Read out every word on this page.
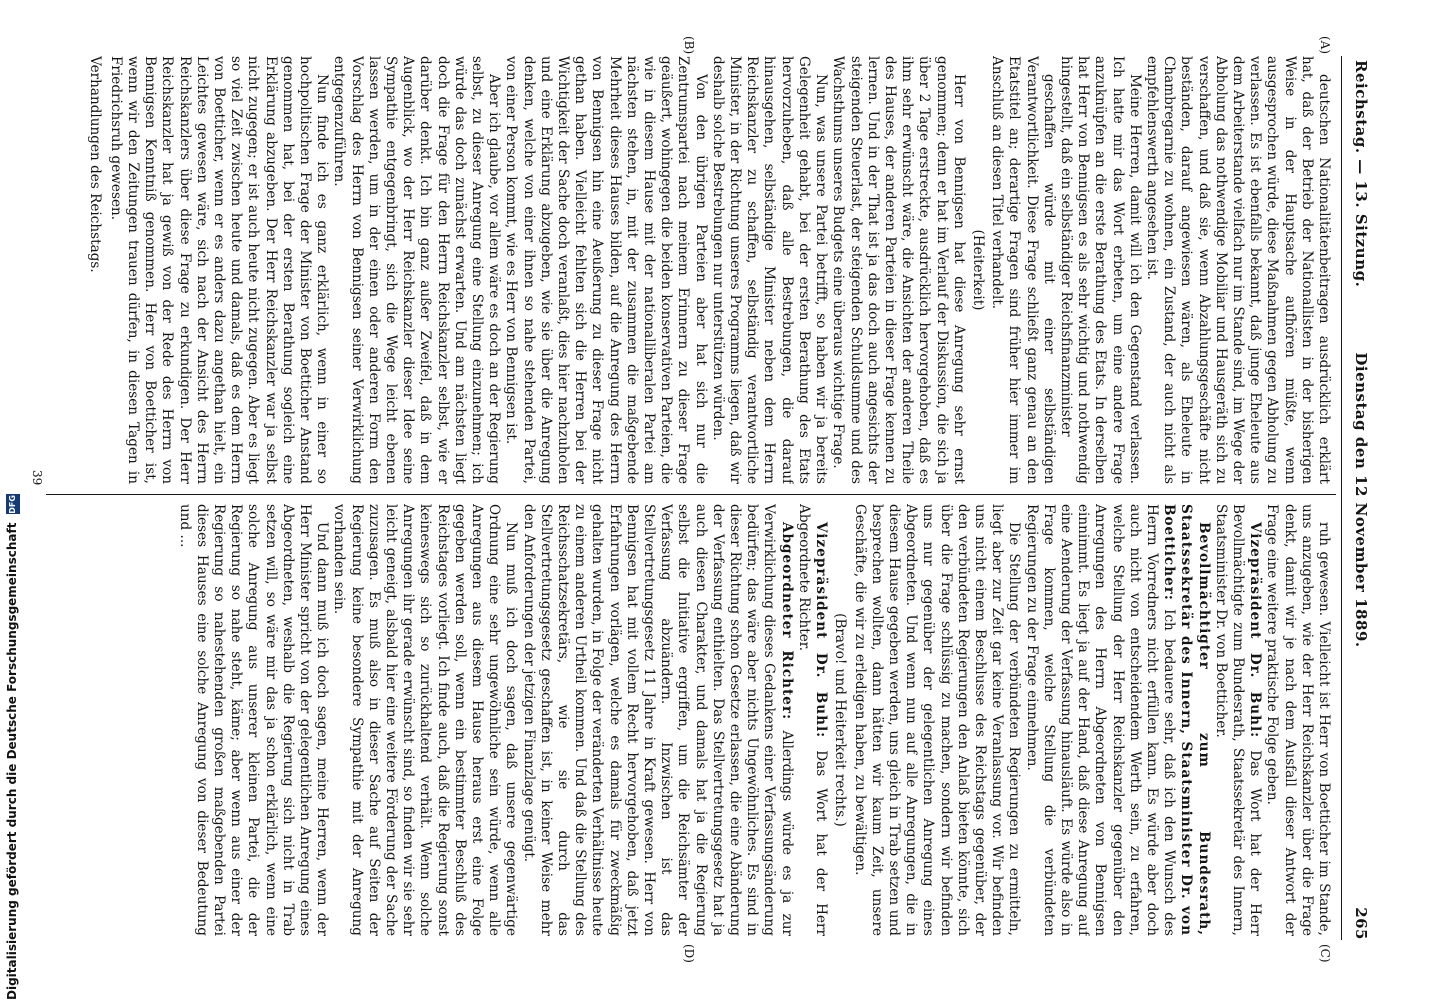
Reichstag. — 13. Sitzung.
Dienstag den 12 November 1889.
265
(A)
(B)
(C)
(D)

deutschen Nationalitätenbeitragen ausdrücklich erklärt hat, daß der Betrieb der Nationallisten in der bisherigen Weise in der Hauptsache aufhören müßte, wenn ausgesprochen würde, diese Maßnahmen gegen Abholung zu verlassen. Es ist ebenfalls bekannt, daß junge Eheleute aus dem Arbeiterstande vielfach nur im Stande sind, im Wege der Abholung das nothwendige Mobiliar und Hausgeräth sich zu verschaffen, und daß sie, wenn Abzahlungsgeschäfte nicht beständen, darauf angewiesen wären, als Eheleute in Chambregarnie zu wohnen, ein Zustand, der auch nicht als empfehlenswerth angesehen ist.

Meine Herren, damit will ich den Gegenstand verlassen. Ich hatte mir das Wort erbeten, um eine andere Frage anzuknüpfen an die erste Berathung des Etats. In derselben hat Herr von Bennigsen es als sehr wichtig und nothwendig hingestellt, daß ein selbständiger Reichsfinanzminister

geschaffen würde mit einer selbständigen Verantwortlichkeit. Diese Frage schließt ganz genau an den Etatstitel an; derartige Fragen sind früher hier immer im Anschluß an diesen Titel verhandelt.

(Heiterkeit)

Herr von Bennigsen hat diese Anregung sehr ernst genommen; denn er hat im Verlauf der Diskussion, die sich ja über 2 Tage erstreckte, ausdrücklich hervorgehoben, daß es ihm sehr erwünscht wäre, die Ansichten der anderen Theile des Hauses, der anderen Parteien in dieser Frage kennen zu lernen. Und in der That ist ja das doch auch angesichts der steigenden Steuerlast, der steigenden Schuldsumme und des Wachsthums unseres Budgets eine überaus wichtige Frage.

Nun, was unsere Partei betrifft, so haben wir ja bereits Gelegenheit gehabt, bei der ersten Berathung des Etats hervorzuheben, daß alle Bestrebungen, die darauf hinausgehen, selbständige Minister neben dem Herrn Reichskanzler zu schaffen, selbständig verantwortliche Minister, in der Richtung unseres Programms liegen, daß wir deshalb solche Bestrebungen nur unterstützen würden.

Von den übrigen Parteien aber hat sich nur die Zentrumspartei nach meinem Erinnern zu dieser Frage geäußert, wohingegen die beiden konservativen Parteien, die wie in diesem Hause mit der nationalliberalen Partei am nächsten stehen, in, mit der zusammen die maßgebende Mehrheit dieses Hauses bilden, auf die Anregung des Herrn von Bennigsen hin eine Aeußerung zu dieser Frage nicht gethan haben. Vielleicht fehlten sich die Herren bei der Wichtigkeit der Sache doch veranlaßt, dies hier nachzuholen und eine Erklärung abzugeben, wie sie über die Anregung denken, welche von einer ihnen so nahe stehenden Partei, von einer Person kommt, wie es Herr von Bennigsen ist.

Aber ich glaube, vor allem wäre es doch an der Regierung selbst, zu dieser Anregung eine Stellung einzunehmen; ich würde das doch zunächst erwarten. Und am nächsten liegt doch die Frage für den Herrn Reichskanzler selbst, wie er darüber denkt. Ich bin ganz außer Zweifel, daß in dem Augenblick, wo der Herr Reichskanzler dieser Idee seine Sympathie entgegenbringt, sich die Wege leicht ebenen lassen werden, um in der einen oder anderen Form den Vorschlag des Herrn von Bennigsen seiner Verwirklichung entgegenzuführen.

Nun finde ich es ganz erklärlich, wenn in einer so hochpolitischen Frage der Minister von Boetticher Anstand genommen hat, bei der ersten Berathung sogleich eine Erklärung abzugeben. Der Herr Reichskanzler war ja selbst nicht zugegen; er ist auch heute nicht zugegen. Aber es liegt so viel Zeit zwischen heute und damals, daß es dem Herrn von Boetticher, wenn er es anders dazu angethan hielt, ein Leichtes gewesen wäre, sich nach der Ansicht des Herrn Reichskanzlers über diese Frage zu erkundigen. Der Herr Reichskanzler hat ja gewiß von der Rede des Herrn von Bennigsen Kenntniß genommen. Herr von Boetticher ist, wenn wir den Zeitungen trauen dürfen, in diesen Tagen in Friedrichsruh gewesen.

Verhandlungen des Reichstags.

ruh gewesen. Vielleicht ist Herr von Boetticher im Stande, uns anzugeben, wie der Herr Reichskanzler über die Frage denkt, damit wir je nach dem Ausfall dieser Antwort der Frage eine weitere praktische Folge geben.

Vizepräsident Dr. Buhl: Das Wort hat der Herr Bevollmächtigte zum Bundesrath, Staatssekretär des Innern, Staatsminister Dr. von Boetticher.

Bevollmächtigter zum Bundesrath, Staatssekretär des Innern, Staatsminister Dr. von Boetticher: Ich bedauere sehr, daß ich den Wunsch des Herrn Vorredners nicht erfüllen kann. Es würde aber doch auch nicht von entscheidendem Werth sein, zu erfahren, welche Stellung der Herr Reichskanzler gegenüber den Anregungen des Herrn Abgeordneten von Bennigsen einnimmt. Es liegt ja auf der Hand, daß diese Anregung auf eine Aenderung der Verfassung hinausläuft. Es würde also in Frage kommen, welche Stellung die verbündeten Regierungen zu der Frage einnehmen.

Die Stellung der verbündeten Regierungen zu ermitteln, liegt aber zur Zeit gar keine Veranlassung vor. Wir befinden uns nicht einem Beschlusse des Reichstags gegenüber, der den verbündeten Regierungen den Anlaß bieten könnte, sich über die Frage schlüssig zu machen, sondern wir befinden uns nur gegenüber der gelegentlichen Anregung eines Abgeordneten. Und wenn nun auf alle Anregungen, die in diesem Hause gegeben werden, uns gleich in Trab setzen und besprechen wollten, dann hätten wir kaum Zeit, unsere Geschäfte, die wir zu erledigen haben, zu bewältigen.

(Bravo! und Heiterkeit rechts.)

Vizepräsident Dr. Buhl: Das Wort hat der Herr Abgeordnete Richter.

Abgeordneter Richter: Allerdings würde es ja zur Verwirklichung dieses Gedankens einer Verfassungsänderung bedürfen; das wäre aber nichts Ungewöhnliches. Es sind in dieser Richtung schon Gesetze erlassen, die eine Abänderung der Verfassung enthielten. Das Stellvertretungsgesetz hat ja auch diesen Charakter, und damals hat ja die Regierung selbst die Initiative ergriffen, um die Reichsämter der Verfassung abzuändern. Inzwischen ist das Stellvertretungsgesetz 11 Jahre in Kraft gewesen. Herr von Bennigsen hat mit vollem Recht hervorgehoben, daß jetzt Erfahrungen vorlägen, welche es damals für zweckmäßig gehalten wurden, in Folge der veränderten Verhältnisse heute zu einem anderen Urtheil kommen. Und daß die Stellung des Reichsschatzsekretärs, wie sie durch das Stellvertretungsgesetz geschaffen ist, in keiner Weise mehr den Anforderungen der jetzigen Finanzlage genügt.

Nun muß ich doch sagen, daß unsere gegenwärtige Ordnung eine sehr ungewöhnliche sein würde, wenn alle Anregungen aus diesem Hause heraus erst eine Folge gegeben werden soll, wenn ein bestimmter Beschluß des Reichstages vorliegt. Ich finde auch, daß die Regierung sonst keineswegs sich so zurückhaltend verhält. Wenn solche Anregungen ihr gerade erwünscht sind, so finden wir sie sehr leicht geneigt, alsbald hier eine weitere Förderung der Sache zuzusagen. Es muß also in dieser Sache auf Seiten der Regierung keine besondere Sympathie mit der Anregung vorhanden sein.

Und dann muß ich doch sagen, meine Herren, wenn der Herr Minister spricht von der gelegentlichen Anregung eines Abgeordneten, weshalb die Regierung sich nicht in Trab setzen will, so wäre mir das ja schon erklärlich, wenn eine solche Anregung aus unserer kleinen Partei, die der Regierung so nahe steht, käme; aber wenn aus einer der Regierung so nahestehenden großen maßgebenden Partei dieses Hauses eine solche Anregung von dieser Bedeutung und ...

39
Digitalisierung gefördert durch die Deutsche Forschungsgemeinschaft DFG
